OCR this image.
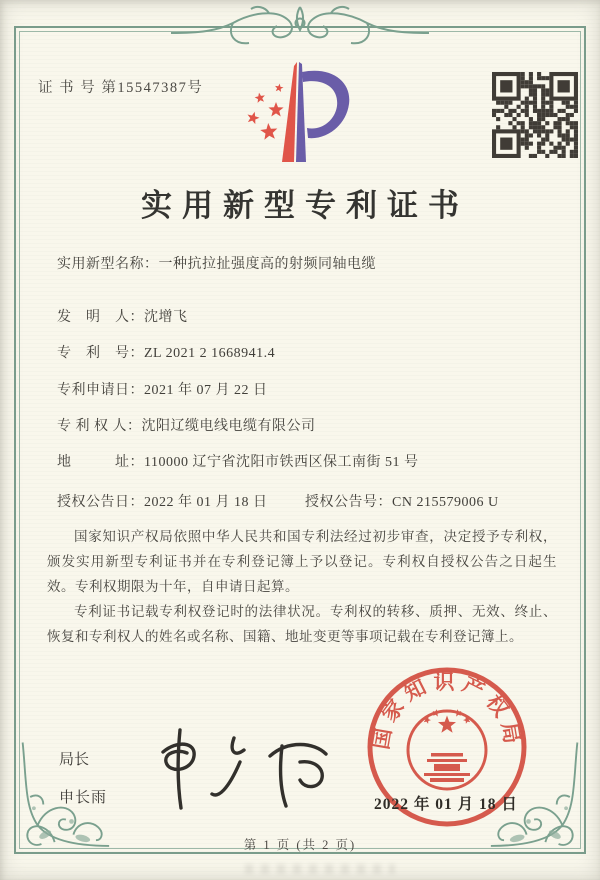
证 书 号 第15547387号
实用新型专利证书
实用新型名称：一种抗拉扯强度高的射频同轴电缆
发　明　人：沈增飞
专　利　号：ZL 2021 2 1668941.4
专利申请日：2021 年 07 月 22 日
专 利 权 人：沈阳辽缆电线电缆有限公司
地　　　址：110000 辽宁省沈阳市铁西区保工南街 51 号
授权公告日：2022 年 01 月 18 日	授权公告号：CN 215579006 U

国家知识产权局依照中华人民共和国专利法经过初步审查，决定授予专利权，颁发实用新型专利证书并在专利登记簿上予以登记。专利权自授权公告之日起生效。专利权期限为十年，自申请日起算。

专利证书记载专利权登记时的法律状况。专利权的转移、质押、无效、终止、恢复和专利权人的姓名或名称、国籍、地址变更等事项记载在专利登记簿上。

局长
申长雨
国家知识产权局
2022 年 01 月 18 日
第 1 页 (共 2 页)
